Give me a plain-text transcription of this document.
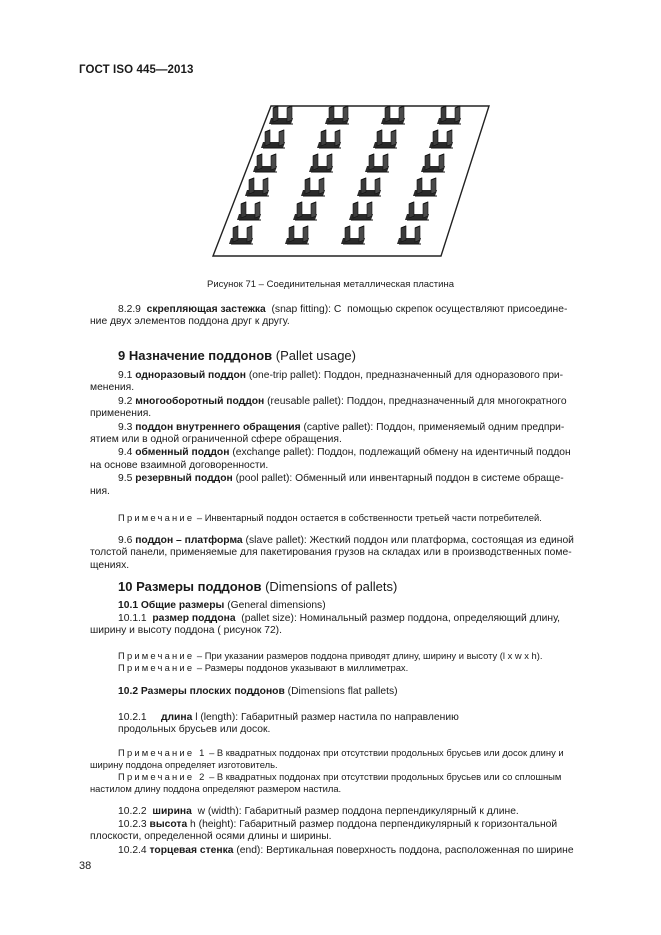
ГОСТ ISO 445—2013
Рисунок 71 – Соединительная металлическая пластина
8.2.9 скрепляющая застежка (snap fitting): С помощью скрепок осуществляют присоедине-
ние двух элементов поддона друг к другу.
9 Назначение поддонов (Pallet usage)
9.1 одноразовый поддон (one-trip pallet): Поддон, предназначенный для одноразового при-
менения.
9.2 многооборотный поддон (reusable pallet): Поддон, предназначенный для многократного
применения.
9.3 поддон внутреннего обращения (captive pallet): Поддон, применяемый одним предпри-
ятием или в одной ограниченной сфере обращения.
9.4 обменный поддон (exchange pallet): Поддон, подлежащий обмену на идентичный поддон
на основе взаимной договоренности.
9.5 резервный поддон (pool pallet): Обменный или инвентарный поддон в системе обраще-
ния.
Примечание – Инвентарный поддон остается в собственности третьей части потребителей.
9.6 поддон – платформа (slave pallet): Жесткий поддон или платформа, состоящая из единой
толстой панели, применяемые для пакетирования грузов на складах или в производственных поме-
щениях.
10 Размеры поддонов (Dimensions of pallets)
10.1 Общие размеры (General dimensions)
10.1.1 размер поддона (pallet size): Номинальный размер поддона, определяющий длину,
ширину и высоту поддона ( рисунок 72).
Примечание – При указании размеров поддона приводят длину, ширину и высоту (l x w x h).
Примечание – Размеры поддонов указывают в миллиметрах.
10.2 Размеры плоских поддонов (Dimensions flat pallets)
10.2.1 длина l (length): Габаритный размер настила по направлению
продольных брусьев или досок.
Примечание 1 – В квадратных поддонах при отсутствии продольных брусьев или досок длину и
ширину поддона определяет изготовитель.
Примечание 2 – В квадратных поддонах при отсутствии продольных брусьев или со сплошным
настилом длину поддона определяют размером настила.
10.2.2 ширина w (width): Габаритный размер поддона перпендикулярный к длине.
10.2.3 высота h (height): Габаритный размер поддона перпендикулярный к горизонтальной
плоскости, определенной осями длины и ширины.
10.2.4 торцевая стенка (end): Вертикальная поверхность поддона, расположенная по ширине
38
